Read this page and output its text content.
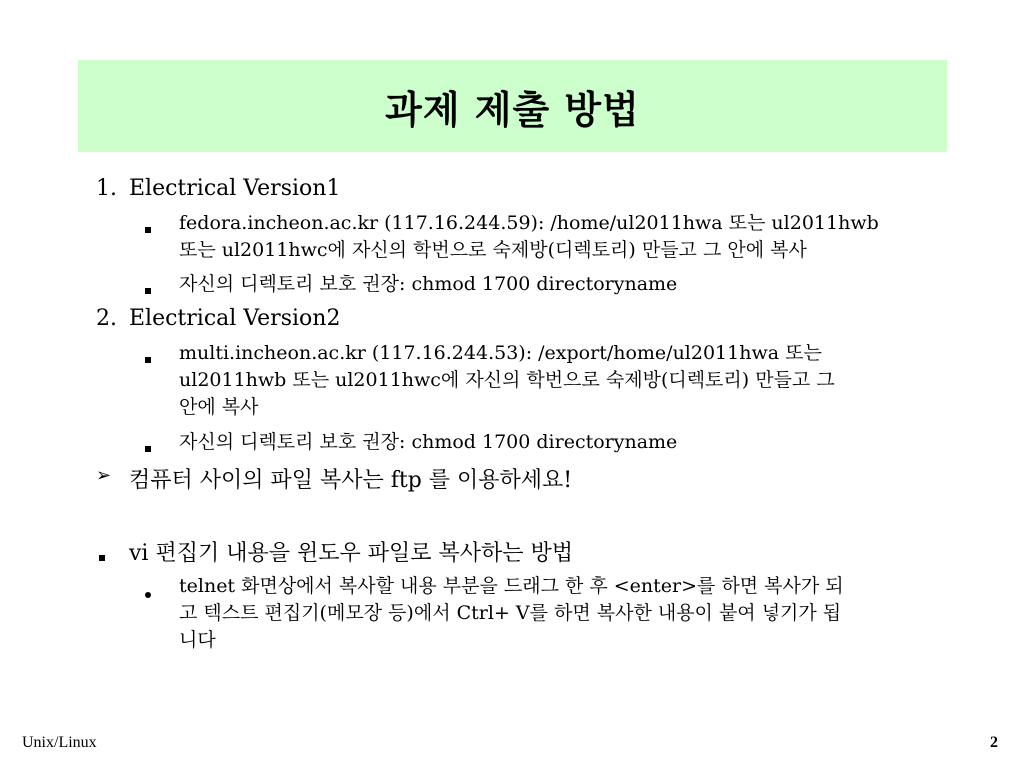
과제 제출 방법
1. Electrical Version1
fedora.incheon.ac.kr (117.16.244.59): /home/ul2011hwa 또는 ul2011hwb
또는 ul2011hwc에 자신의 학번으로 숙제방(디렉토리) 만들고 그 안에 복사
자신의 디렉토리 보호 권장: chmod 1700 directoryname
2. Electrical Version2
multi.incheon.ac.kr (117.16.244.53): /export/home/ul2011hwa 또는
ul2011hwb 또는 ul2011hwc에 자신의 학번으로 숙제방(디렉토리) 만들고 그
안에 복사
자신의 디렉토리 보호 권장: chmod 1700 directoryname
➢ 컴퓨터 사이의 파일 복사는 ftp 를 이용하세요!
vi 편집기 내용을 윈도우 파일로 복사하는 방법
telnet 화면상에서 복사할 내용 부분을 드래그 한 후 <enter>를 하면 복사가 되
고 텍스트 편집기(메모장 등)에서 Ctrl+ V를 하면 복사한 내용이 붙여 넣기가 됩
니다
Unix/Linux	2
